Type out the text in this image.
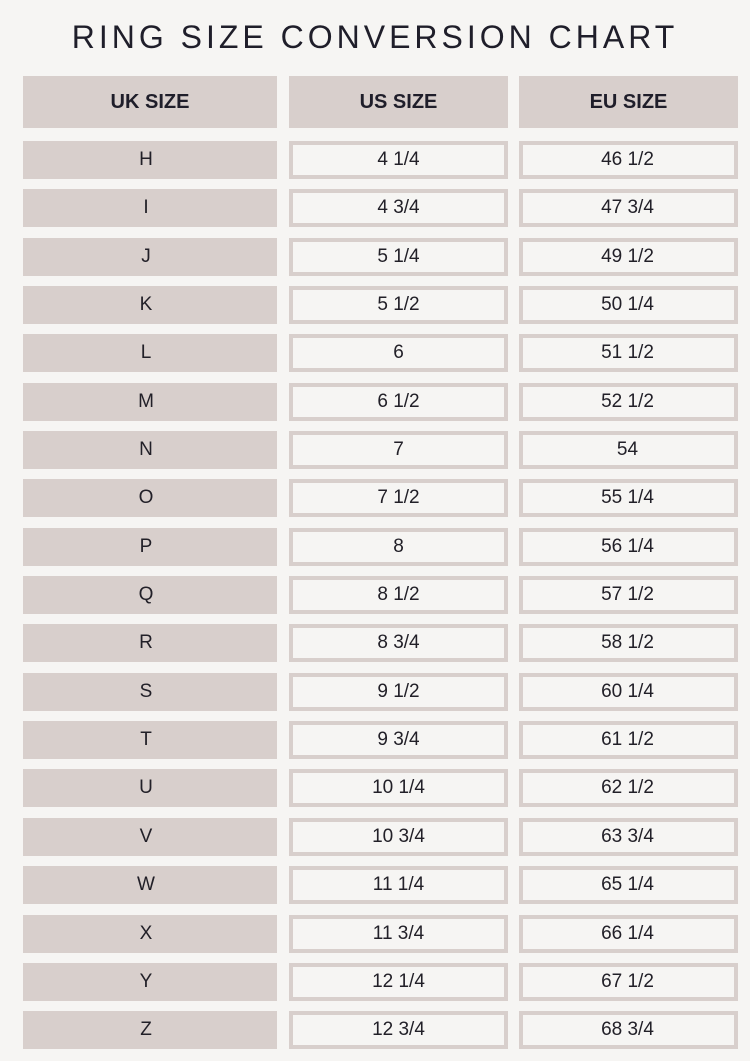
RING SIZE CONVERSION CHART
UK SIZE	US SIZE	EU SIZE
H	4 1/4	46 1/2
I	4 3/4	47 3/4
J	5 1/4	49 1/2
K	5 1/2	50 1/4
L	6	51 1/2
M	6 1/2	52 1/2
N	7	54
O	7 1/2	55 1/4
P	8	56 1/4
Q	8 1/2	57 1/2
R	8 3/4	58 1/2
S	9 1/2	60 1/4
T	9 3/4	61 1/2
U	10 1/4	62 1/2
V	10 3/4	63 3/4
W	11 1/4	65 1/4
X	11 3/4	66 1/4
Y	12 1/4	67 1/2
Z	12 3/4	68 3/4
